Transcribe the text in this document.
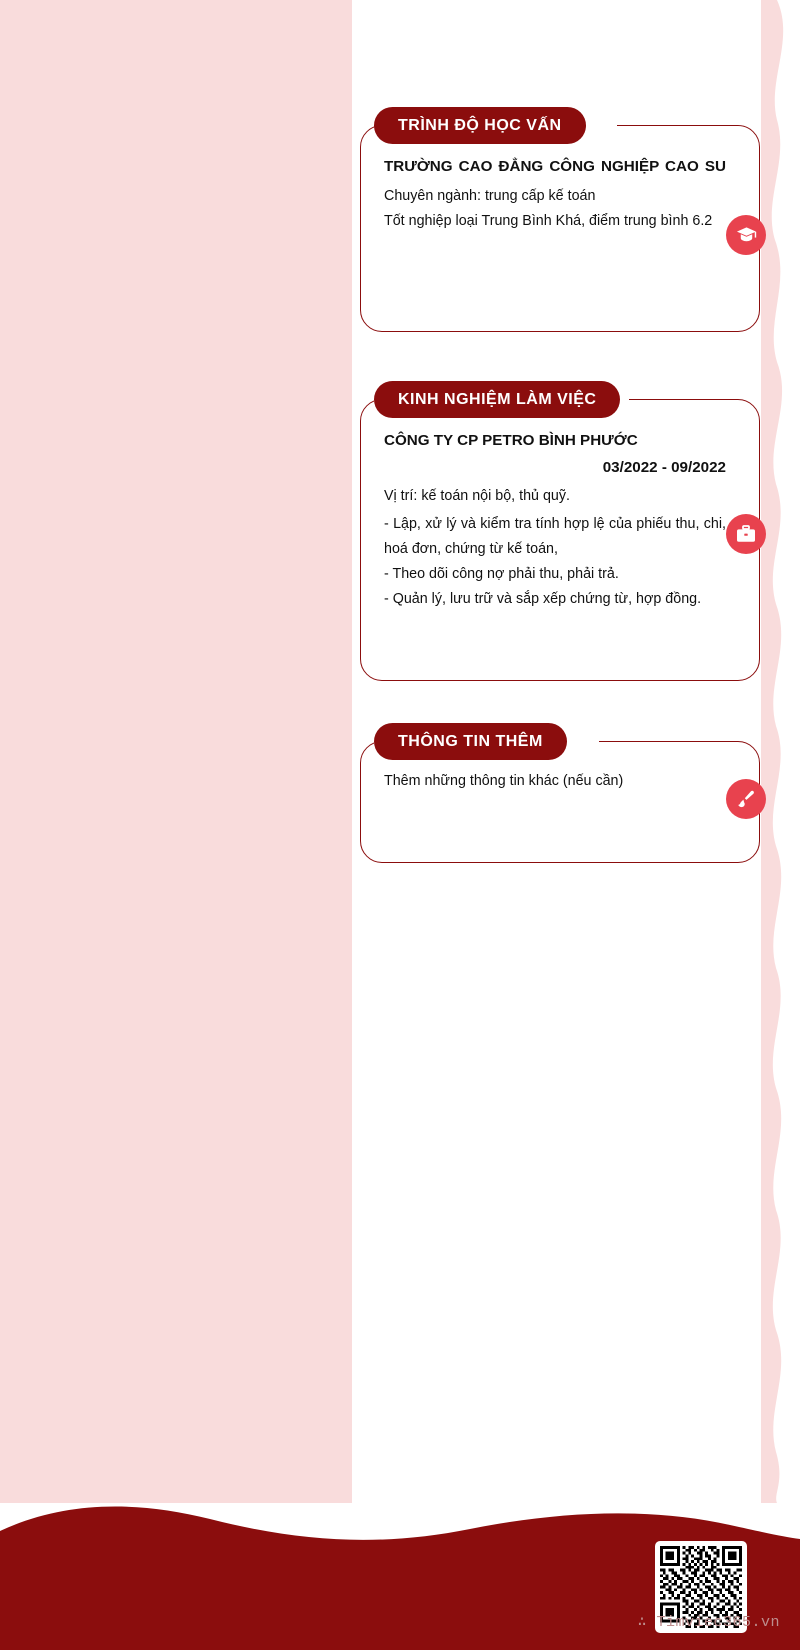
TRÌNH ĐỘ HỌC VẤN
TRƯỜNG CAO ĐẲNG CÔNG NGHIỆP CAO SU
Chuyên ngành: trung cấp kế toán
Tốt nghiệp loại Trung Bình Khá, điểm trung bình 6.2
KINH NGHIỆM LÀM VIỆC
CÔNG TY CP PETRO BÌNH PHƯỚC
03/2022 - 09/2022
Vị trí: kế toán nội bộ, thủ quỹ.
- Lập, xử lý và kiểm tra tính hợp lệ của phiếu thu, chi, hoá đơn, chứng từ kế toán,
- Theo dõi công nợ phải thu, phải trả.
- Quản lý, lưu trữ và sắp xếp chứng từ, hợp đồng.
THÔNG TIN THÊM
Thêm những thông tin khác (nếu cần)
∴ Timviec365.vn
